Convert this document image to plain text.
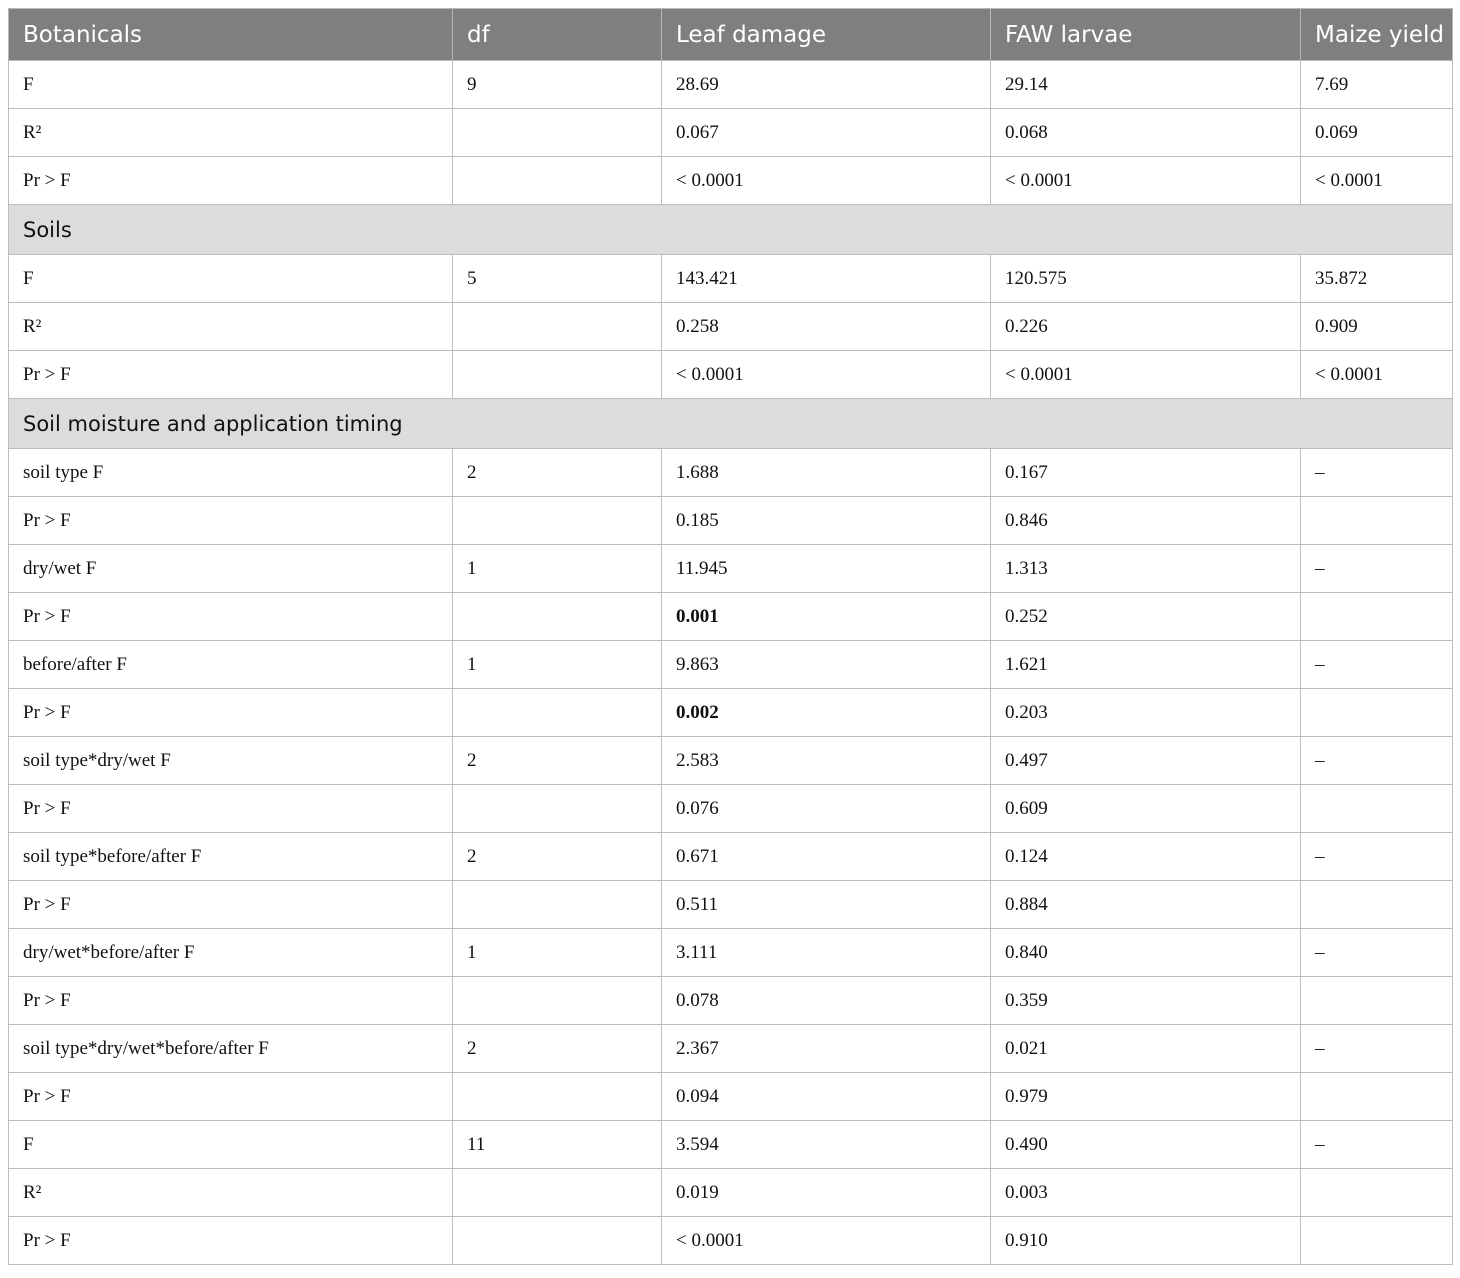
Botanicals	df	Leaf damage	FAW larvae	Maize yield
F	9	28.69	29.14	7.69
R²		0.067	0.068	0.069
Pr > F		< 0.0001	< 0.0001	< 0.0001
Soils				
F	5	143.421	120.575	35.872
R²		0.258	0.226	0.909
Pr > F		< 0.0001	< 0.0001	< 0.0001
Soil moisture and application timing				
soil type F	2	1.688	0.167	–
Pr > F		0.185	0.846	
dry/wet F	1	11.945	1.313	–
Pr > F		0.001	0.252	
before/after F	1	9.863	1.621	–
Pr > F		0.002	0.203	
soil type*dry/wet F	2	2.583	0.497	–
Pr > F		0.076	0.609	
soil type*before/after F	2	0.671	0.124	–
Pr > F		0.511	0.884	
dry/wet*before/after F	1	3.111	0.840	–
Pr > F		0.078	0.359	
soil type*dry/wet*before/after F	2	2.367	0.021	–
Pr > F		0.094	0.979	
F	11	3.594	0.490	–
R²		0.019	0.003	
Pr > F		< 0.0001	0.910	
